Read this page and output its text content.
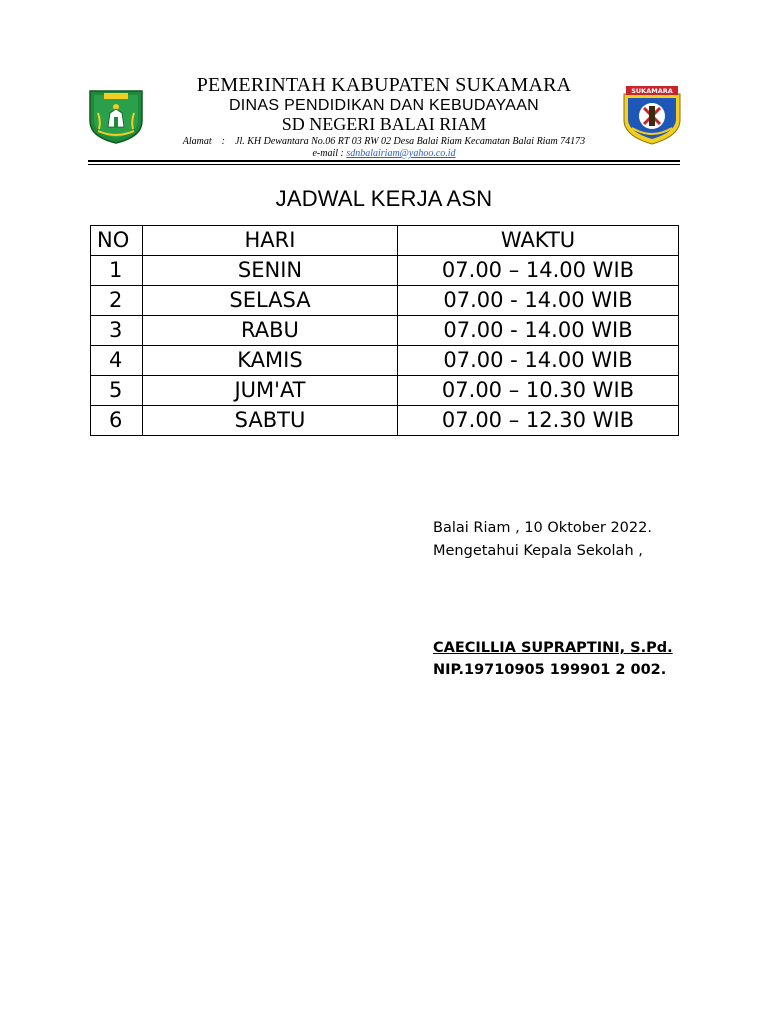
SUKAMARA
PEMERINTAH KABUPATEN SUKAMARA
DINAS PENDIDIKAN DAN KEBUDAYAAN
SD NEGERI BALAI RIAM
Alamat    :    Jl. KH Dewantara No.06 RT 03 RW 02 Desa Balai Riam Kecamatan Balai Riam 74173
e-mail : sdnbalairiam@yahoo.co.id
JADWAL KERJA ASN
NO	HARI	WAKTU
1	SENIN	07.00 – 14.00 WIB
2	SELASA	07.00 - 14.00 WIB
3	RABU	07.00 - 14.00 WIB
4	KAMIS	07.00 - 14.00 WIB
5	JUM'AT	07.00 – 10.30 WIB
6	SABTU	07.00 – 12.30 WIB
Balai Riam , 10 Oktober 2022.
Mengetahui Kepala Sekolah ,
CAECILLIA SUPRAPTINI, S.Pd.
NIP.19710905 199901 2 002.
